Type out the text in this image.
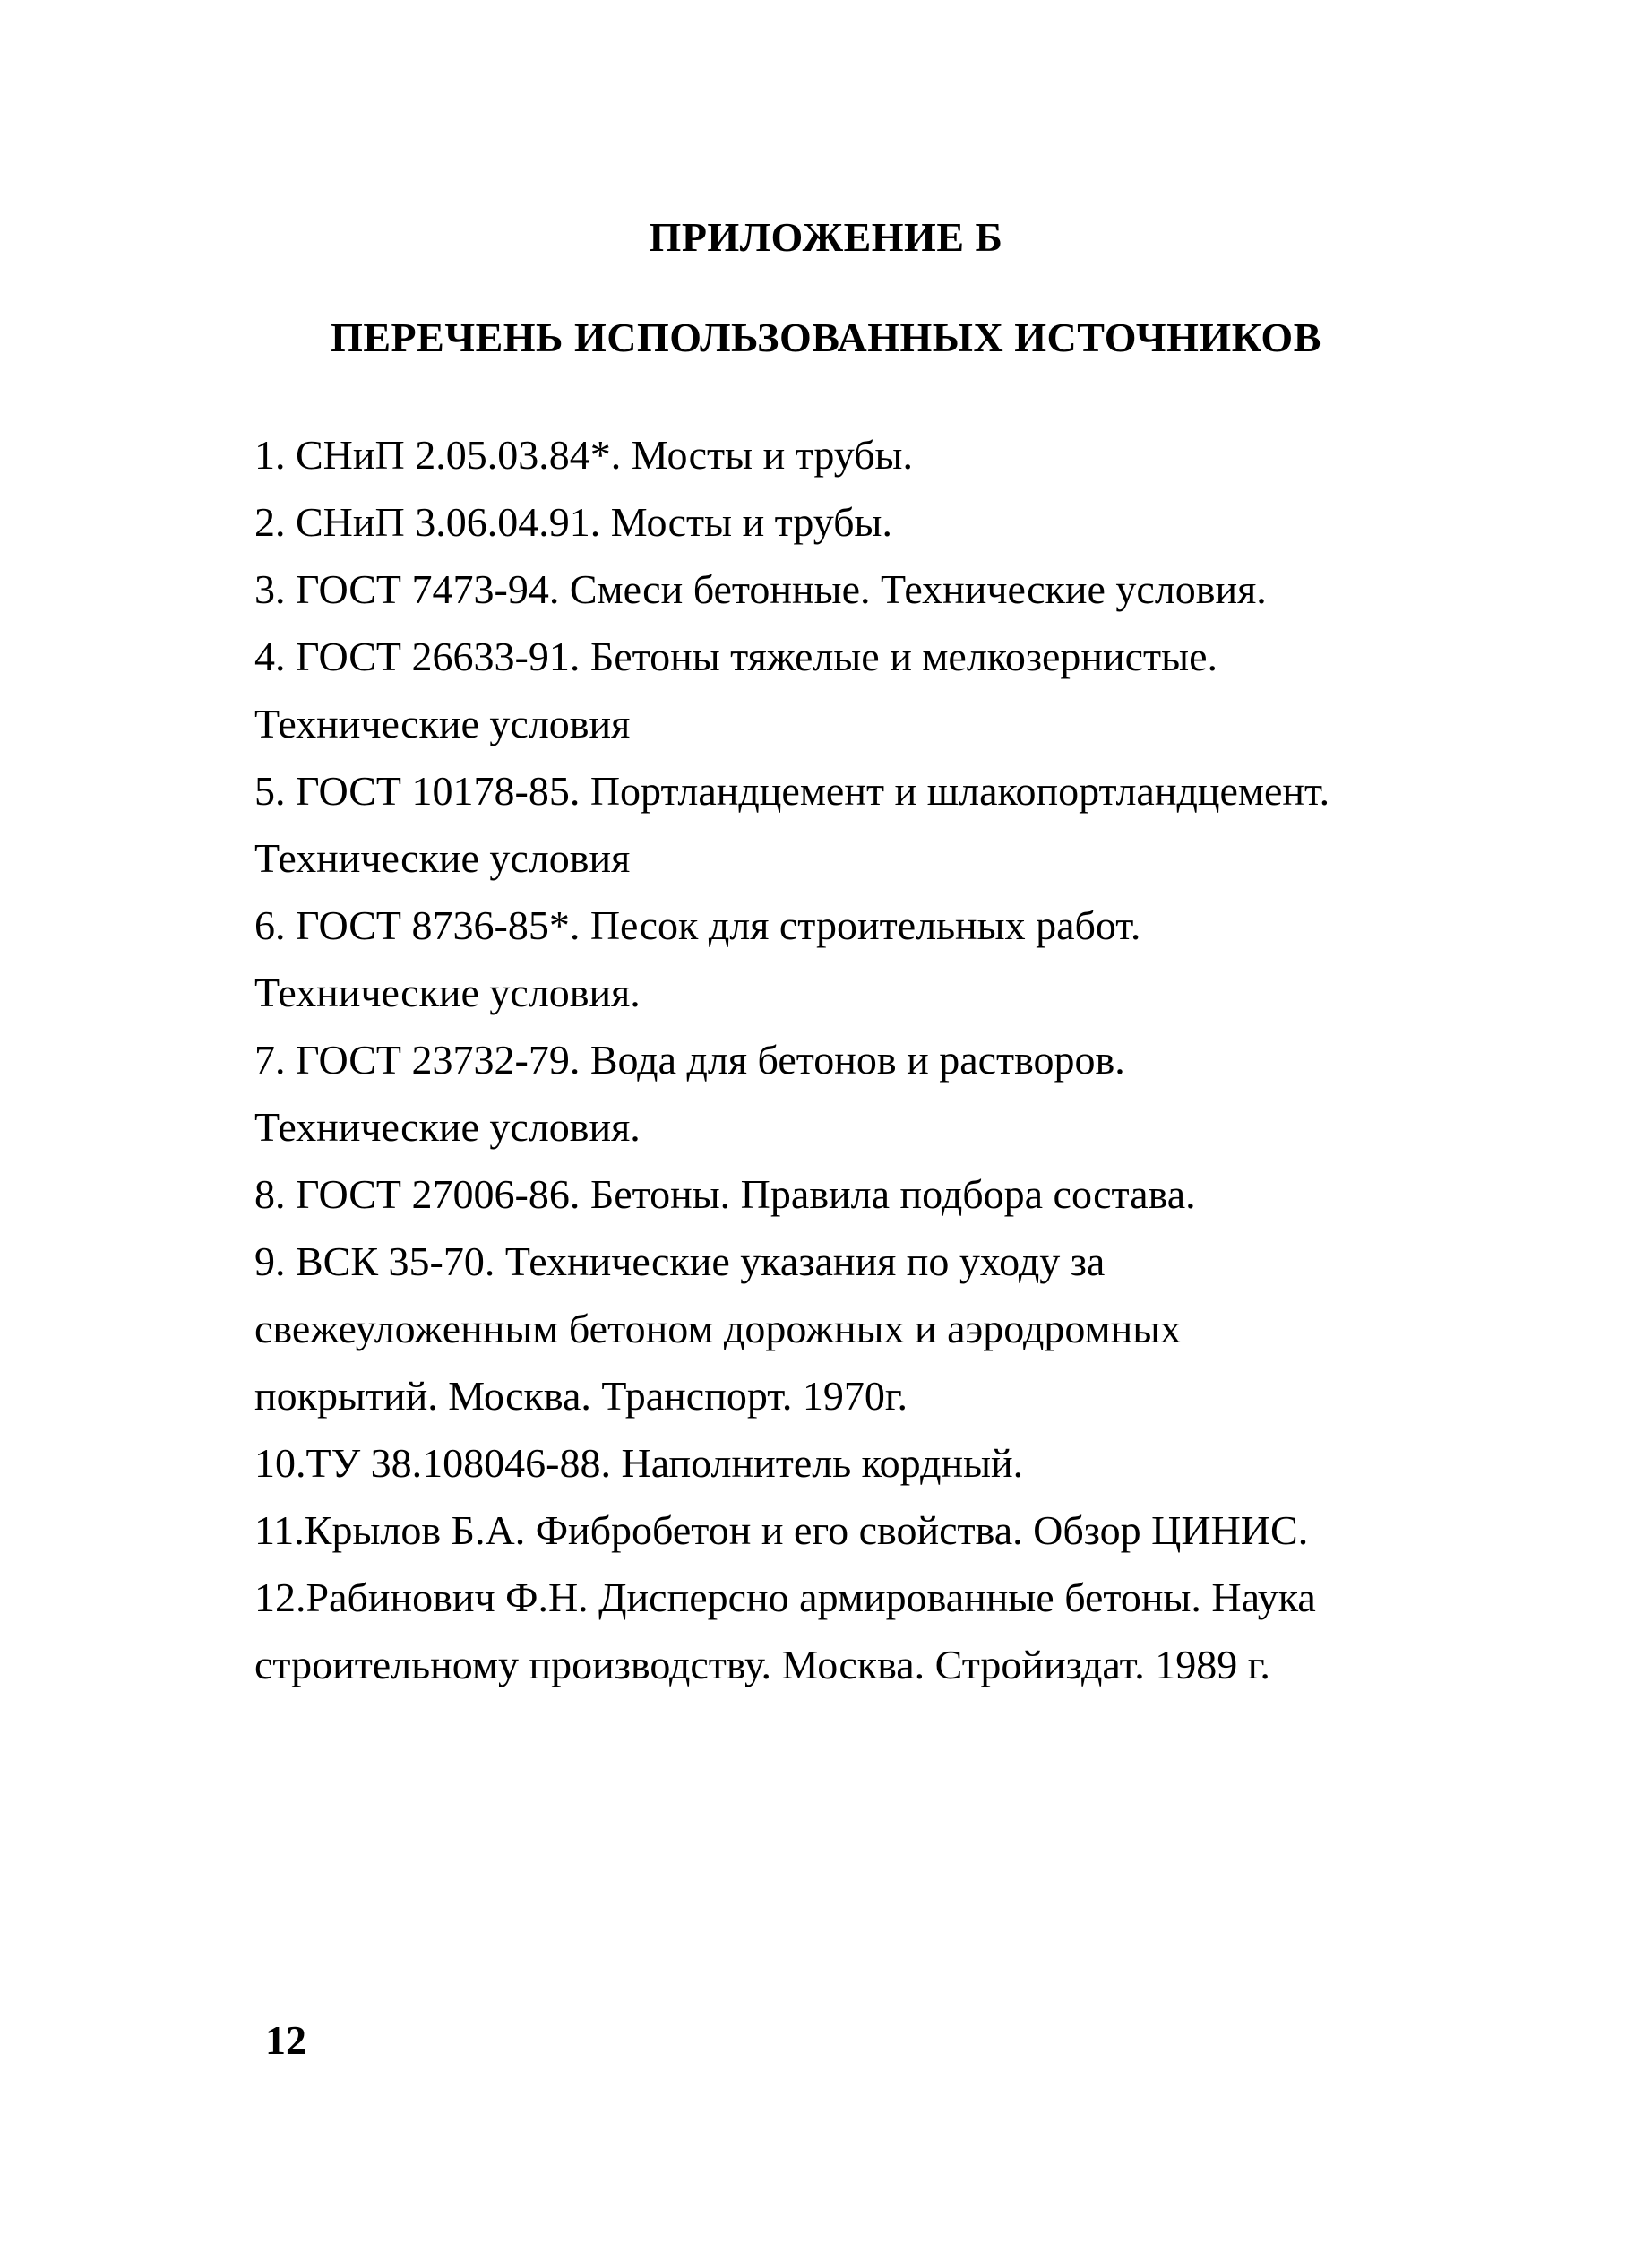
ПРИЛОЖЕНИЕ Б
ПЕРЕЧЕНЬ ИСПОЛЬЗОВАННЫХ ИСТОЧНИКОВ
1. СНиП 2.05.03.84*. Мосты и трубы.
2. СНиП 3.06.04.91. Мосты и трубы.
3. ГОСТ 7473-94. Смеси бетонные. Технические условия.
4. ГОСТ 26633-91. Бетоны тяжелые и мелкозернистые.
Технические условия
5. ГОСТ 10178-85. Портландцемент и шлакопортландцемент.
Технические условия
6. ГОСТ 8736-85*. Песок для строительных работ.
Технические условия.
7. ГОСТ 23732-79. Вода для бетонов и растворов.
Технические условия.
8. ГОСТ 27006-86. Бетоны. Правила подбора состава.
9. ВСК 35-70. Технические указания по уходу за
свежеуложенным бетоном дорожных и аэродромных
покрытий. Москва. Транспорт. 1970г.
10.ТУ 38.108046-88. Наполнитель кордный.
11.Крылов Б.А. Фибробетон и его свойства. Обзор ЦИНИС.
12.Рабинович Ф.Н. Дисперсно армированные бетоны. Наука
строительному производству. Москва. Стройиздат. 1989 г.
12
